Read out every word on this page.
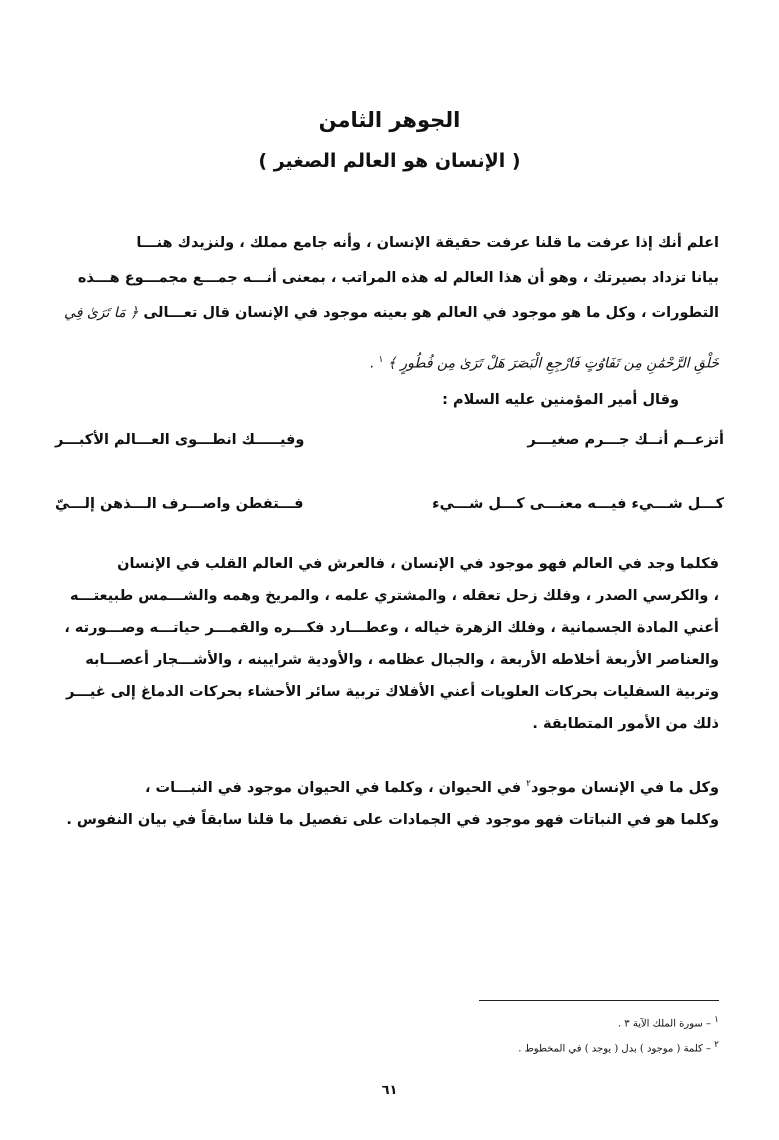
الجوهر الثامن
( الإنسان هو العالم الصغير )
اعلم أنك إذا عرفت ما قلنا عرفت حقيقة الإنسان ، وأنه جامع مملك ، ولنزيدك هنـــا
بيانا تزداد بصيرتك ، وهو أن هذا العالم له هذه المراتب ، بمعنى أنـــه جمـــع مجمـــوع هـــذه
التطورات ، وكل ما هو موجود في العالم هو بعينه موجود في الإنسان قال تعـــالى ﴿ مَا تَرَىٰ فِي
خَلْقِ الرَّحْمَٰنِ مِن تَفَاوُتٍ فَارْجِعِ الْبَصَرَ هَلْ تَرَىٰ مِن فُطُورٍ ﴾ $^١$ .
وقال أمير المؤمنين عليه السلام :
أتزعــم أنــك جـــرم صغيـــر
وفيـــــك انطـــوى العـــالم الأكبـــر
كـــل شـــيء فيـــه معنـــى كـــل شـــيء
فـــتفطن واصـــرف الـــذهن إلـــيّ
فكلما وجد في العالم فهو موجود في الإنسان ، فالعرش في العالم القلب في الإنسان
، والكرسي الصدر ، وفلك زحل تعقله ، والمشتري علمه ، والمريخ وهمه والشـــمس طبيعتـــه
أعني المادة الجسمانية ، وفلك الزهرة خياله ، وعطـــارد فكـــره والقمـــر حياتـــه وصـــورته ،
والعناصر الأربعة أخلاطه الأربعة ، والجبال عظامه ، والأودية شرايينه ، والأشـــجار أعصـــابه
وتربية السفليات بحركات العلويات أعني الأفلاك تربية سائر الأحشاء بحركات الدماغ إلى غيـــر
ذلك من الأمور المتطابقة .
وكل ما في الإنسان موجود$^٢$ في الحيوان ، وكلما في الحيوان موجود في النبـــات ،
وكلما هو في النباتات فهو موجود في الجمادات على تفصيل ما قلنا سابقاً في بيان النفوس .
١ – سورة الملك الآية ٣ .
٢ – كلمة ( موجود ) بدل ( يوجد ) في المخطوط .
٦١
